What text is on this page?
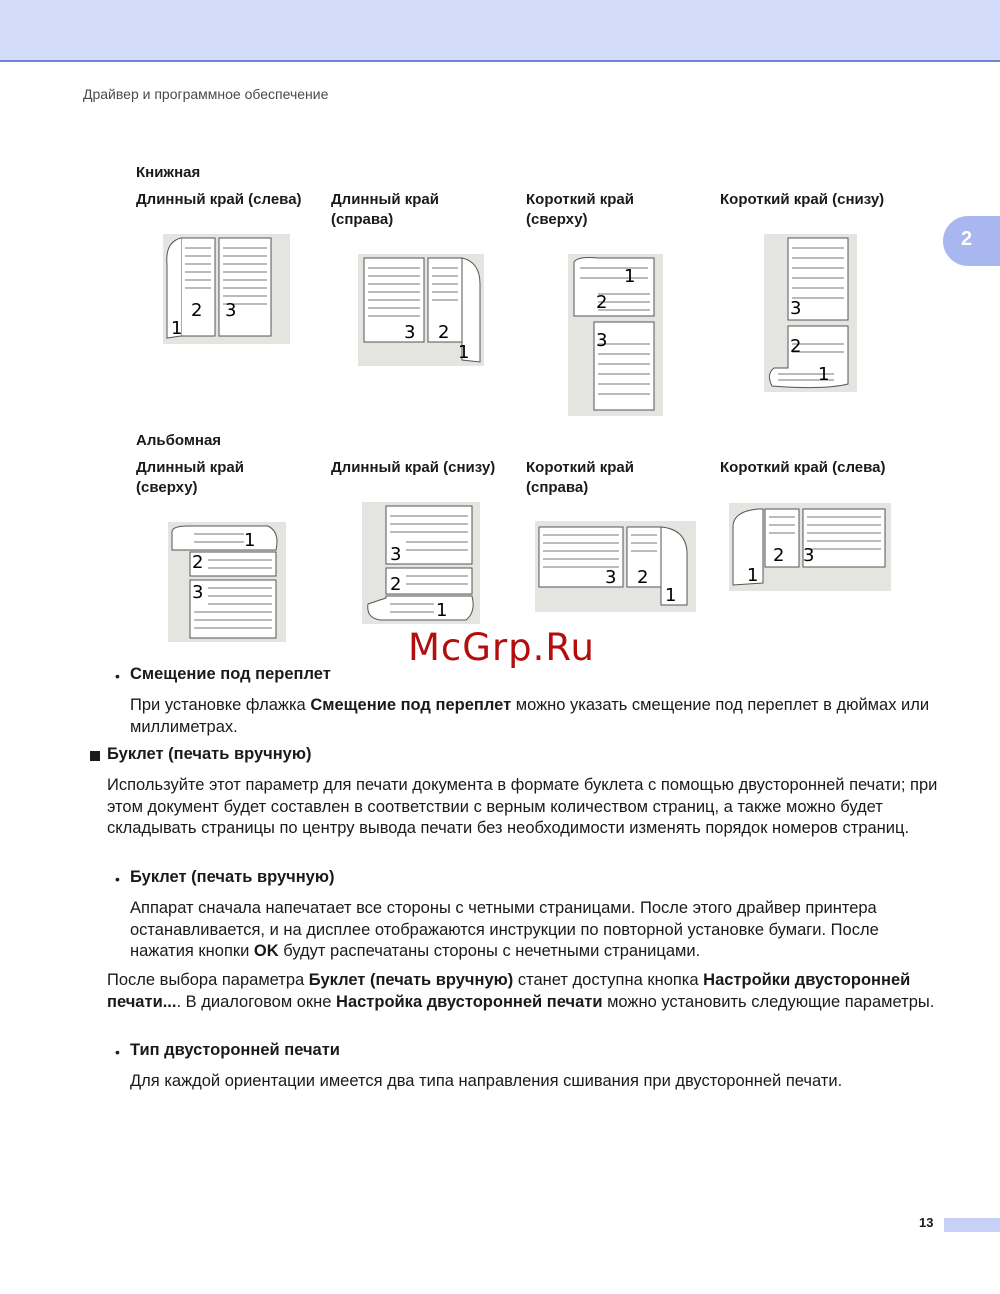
Драйвер и программное обеспечение
2
Книжная
Длинный край (слева)	Длинный край (справа)
Короткий край (сверху)
Короткий край (снизу)
2 3
1	3 2
1
1
2
3
3
2
1
Альбомная
Длинный край (сверху)
Длинный край (снизу)	Короткий край (справа)
Короткий край (слева)
1
2
3
3
2
1
3 2
1
2 3
1
McGrp.Ru
• Смещение под переплет
При установке флажка Смещение под переплет можно указать смещение под переплет в дюймах или миллиметрах.
Буклет (печать вручную)
Используйте этот параметр для печати документа в формате буклета с помощью двусторонней печати; при этом документ будет составлен в соответствии с верным количеством страниц, а также можно будет складывать страницы по центру вывода печати без необходимости изменять порядок номеров страниц.
• Буклет (печать вручную)
Аппарат сначала напечатает все стороны с четными страницами. После этого драйвер принтера останавливается, и на дисплее отображаются инструкции по повторной установке бумаги. После нажатия кнопки OK будут распечатаны стороны с нечетными страницами.
После выбора параметра Буклет (печать вручную) станет доступна кнопка Настройки двусторонней печати.... В диалоговом окне Настройка двусторонней печати можно установить следующие параметры.
• Тип двусторонней печати
Для каждой ориентации имеется два типа направления сшивания при двусторонней печати.
13
